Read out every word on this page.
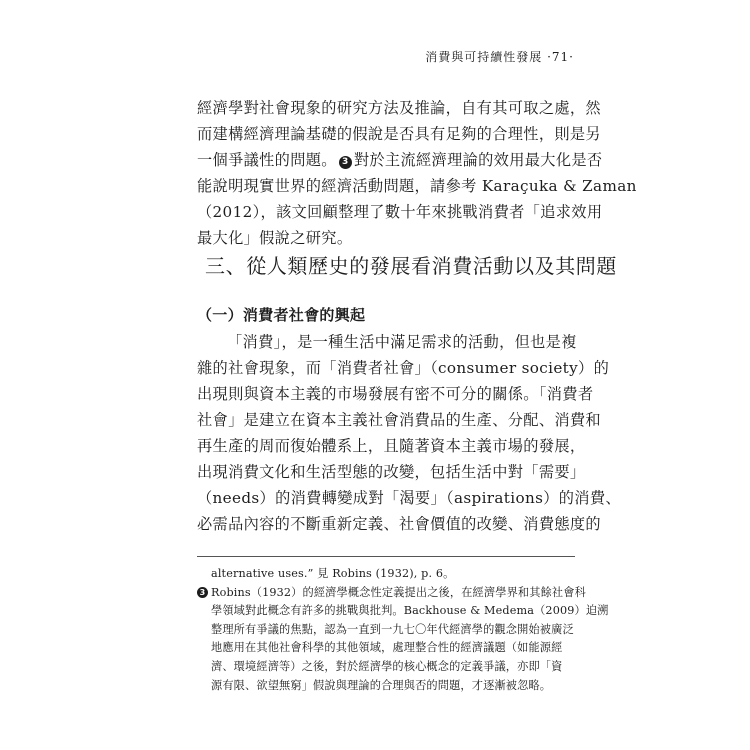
消費與可持續性發展 ·71·
經濟學對社會現象的研究方法及推論，自有其可取之處，然
而建構經濟理論基礎的假說是否具有足夠的合理性，則是另
一個爭議性的問題。 3 對於主流經濟理論的效用最大化是否
能說明現實世界的經濟活動問題，請參考 Karaçuka & Zaman
（2012），該文回顧整理了數十年來挑戰消費者「追求效用
最大化」假說之研究。
三、從人類歷史的發展看消費活動以及其問題
（一）消費者社會的興起
「消費」，是一種生活中滿足需求的活動，但也是複
雜的社會現象，而「消費者社會」（consumer society）的
出現則與資本主義的市場發展有密不可分的關係。「消費者
社會」是建立在資本主義社會消費品的生產、分配、消費和
再生產的周而復始體系上，且隨著資本主義市場的發展，
出現消費文化和生活型態的改變，包括生活中對「需要」
（needs）的消費轉變成對「渴要」（aspirations）的消費、
必需品內容的不斷重新定義、社會價值的改變、消費態度的
alternative uses.” 見 Robins (1932), p. 6。
3 Robins（1932）的經濟學概念性定義提出之後，在經濟學界和其餘社會科
學領域對此概念有許多的挑戰與批判。Backhouse & Medema（2009）迫溯
整理所有爭議的焦點，認為一直到一九七〇年代經濟學的觀念開始被廣泛
地應用在其他社會科學的其他領域，處理整合性的經濟議題（如能源經
濟、環境經濟等）之後，對於經濟學的核心概念的定義爭議，亦即「資
源有限、欲望無窮」假說與理論的合理與否的問題，才逐漸被忽略。
